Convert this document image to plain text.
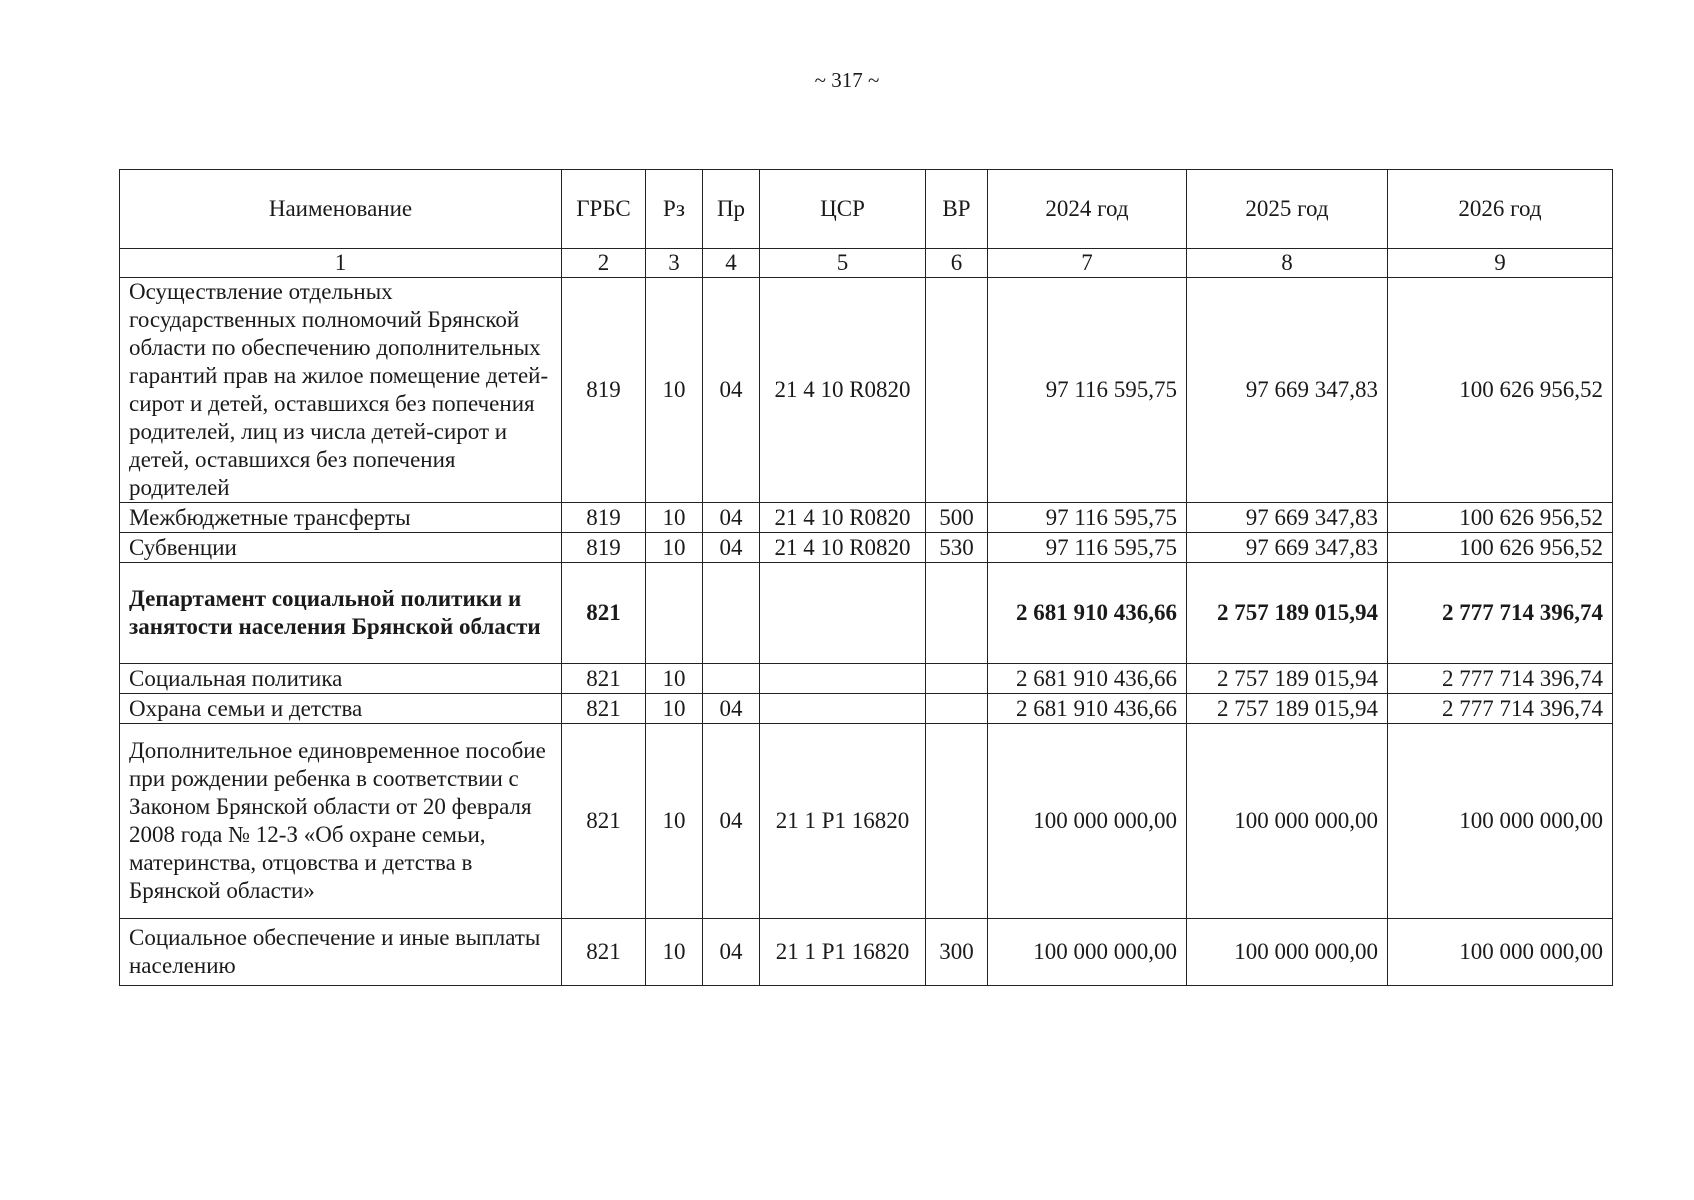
~ 317 ~
Наименование	ГРБС	Рз	Пр	ЦСР	ВР	2024 год	2025 год	2026 год
1	2	3	4	5	6	7	8	9
Осуществление отдельных государственных полномочий Брянской области по обеспечению дополнительных гарантий прав на жилое помещение детей-сирот и детей, оставшихся без попечения родителей, лиц из числа детей-сирот и детей, оставшихся без попечения родителей	819	10	04	21 4 10 R0820		97 116 595,75	97 669 347,83	100 626 956,52
Межбюджетные трансферты	819	10	04	21 4 10 R0820	500	97 116 595,75	97 669 347,83	100 626 956,52
Субвенции	819	10	04	21 4 10 R0820	530	97 116 595,75	97 669 347,83	100 626 956,52
Департамент социальной политики и занятости населения Брянской области	821					2 681 910 436,66	2 757 189 015,94	2 777 714 396,74
Социальная политика	821	10				2 681 910 436,66	2 757 189 015,94	2 777 714 396,74
Охрана семьи и детства	821	10	04			2 681 910 436,66	2 757 189 015,94	2 777 714 396,74
Дополнительное единовременное пособие при рождении ребенка в соответствии с Законом Брянской области от 20 февраля 2008 года № 12-З «Об охране семьи, материнства, отцовства и детства в Брянской области»	821	10	04	21 1 P1 16820		100 000 000,00	100 000 000,00	100 000 000,00
Социальное обеспечение и иные выплаты населению	821	10	04	21 1 P1 16820	300	100 000 000,00	100 000 000,00	100 000 000,00
